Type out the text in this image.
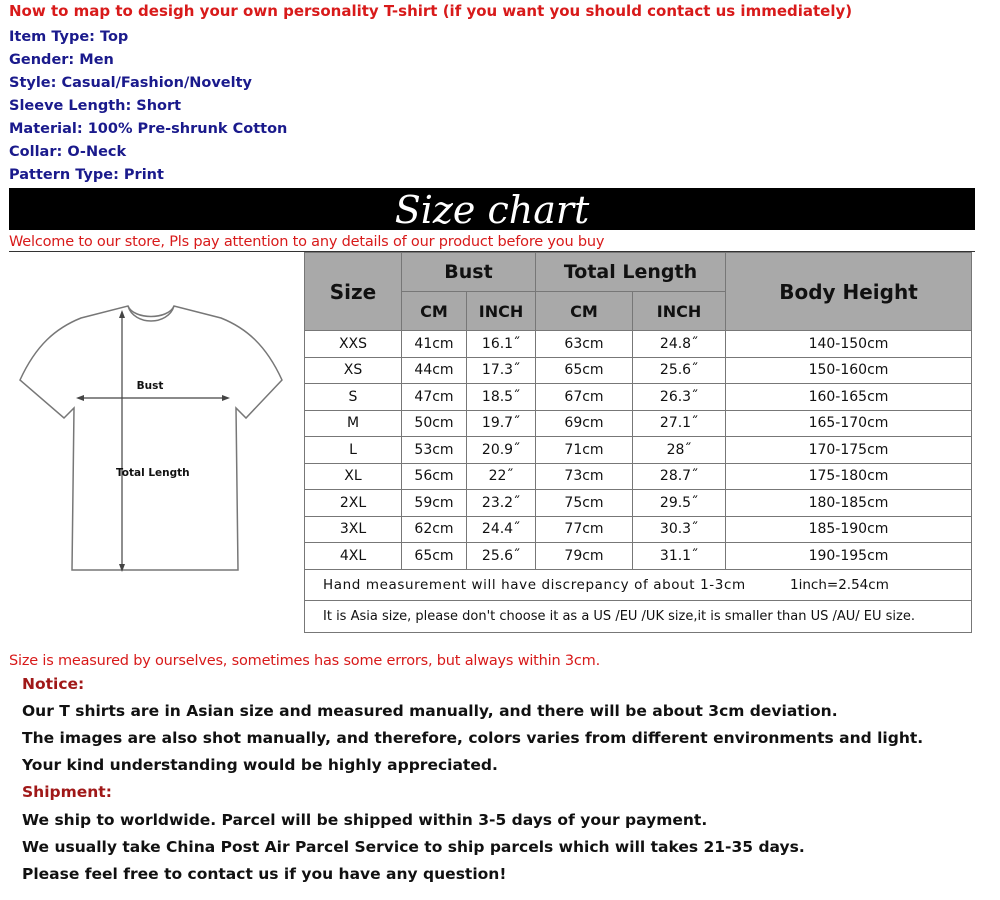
Now to map to desigh your own personality T-shirt (if you want you should contact us immediately)
Item Type: Top
Gender: Men
Style: Casual/Fashion/Novelty
Sleeve Length: Short
Material: 100% Pre-shrunk Cotton
Collar: O-Neck
Pattern Type: Print
Size chart
Welcome to our store, Pls pay attention to any details of our product before you buy
Bust
Total Length
Size	Bust		Total Length		Body Height
	CM	INCH	CM	INCH	
XXS	41cm	16.1˝	63cm	24.8˝	140-150cm
XS	44cm	17.3˝	65cm	25.6˝	150-160cm
S	47cm	18.5˝	67cm	26.3˝	160-165cm
M	50cm	19.7˝	69cm	27.1˝	165-170cm
L	53cm	20.9˝	71cm	28˝	170-175cm
XL	56cm	22˝	73cm	28.7˝	175-180cm
2XL	59cm	23.2˝	75cm	29.5˝	180-185cm
3XL	62cm	24.4˝	77cm	30.3˝	185-190cm
4XL	65cm	25.6˝	79cm	31.1˝	190-195cm
Hand measurement will have discrepancy of about 1-3cm 1inch=2.54cm					
It is Asia size, please don't choose it as a US /EU /UK size,it is smaller than US /AU/ EU size.					
Size is measured by ourselves, sometimes has some errors, but always within 3cm.
Notice:
Our T shirts are in Asian size and measured manually, and there will be about 3cm deviation.
The images are also shot manually, and therefore, colors varies from different environments and light.
Your kind understanding would be highly appreciated.
Shipment:
We ship to worldwide. Parcel will be shipped within 3-5 days of your payment.
We usually take China Post Air Parcel Service to ship parcels which will takes 21-35 days.
Please feel free to contact us if you have any question!
